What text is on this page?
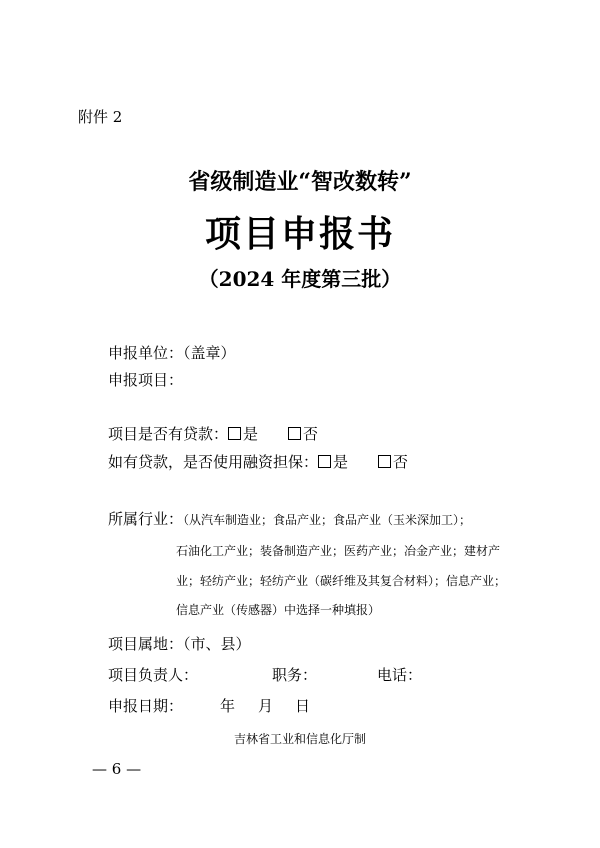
附件 2
省级制造业“智改数转”
项目申报书
（2024 年度第三批）
申报单位：（盖章）
申报项目：
项目是否有贷款： 是	否
如有贷款，是否使用融资担保： 是	否
所属行业：（从汽车制造业；食品产业；食品产业（玉米深加工）；
石油化工产业；装备制造产业；医药产业；冶金产业；建材产
业；轻纺产业；轻纺产业（碳纤维及其复合材料）；信息产业；
信息产业（传感器）中选择一种填报）
项目属地：（市、县）
项目负责人：	职务：	电话：
申报日期： 年 月 日
吉林省工业和信息化厅制
— 6 —
